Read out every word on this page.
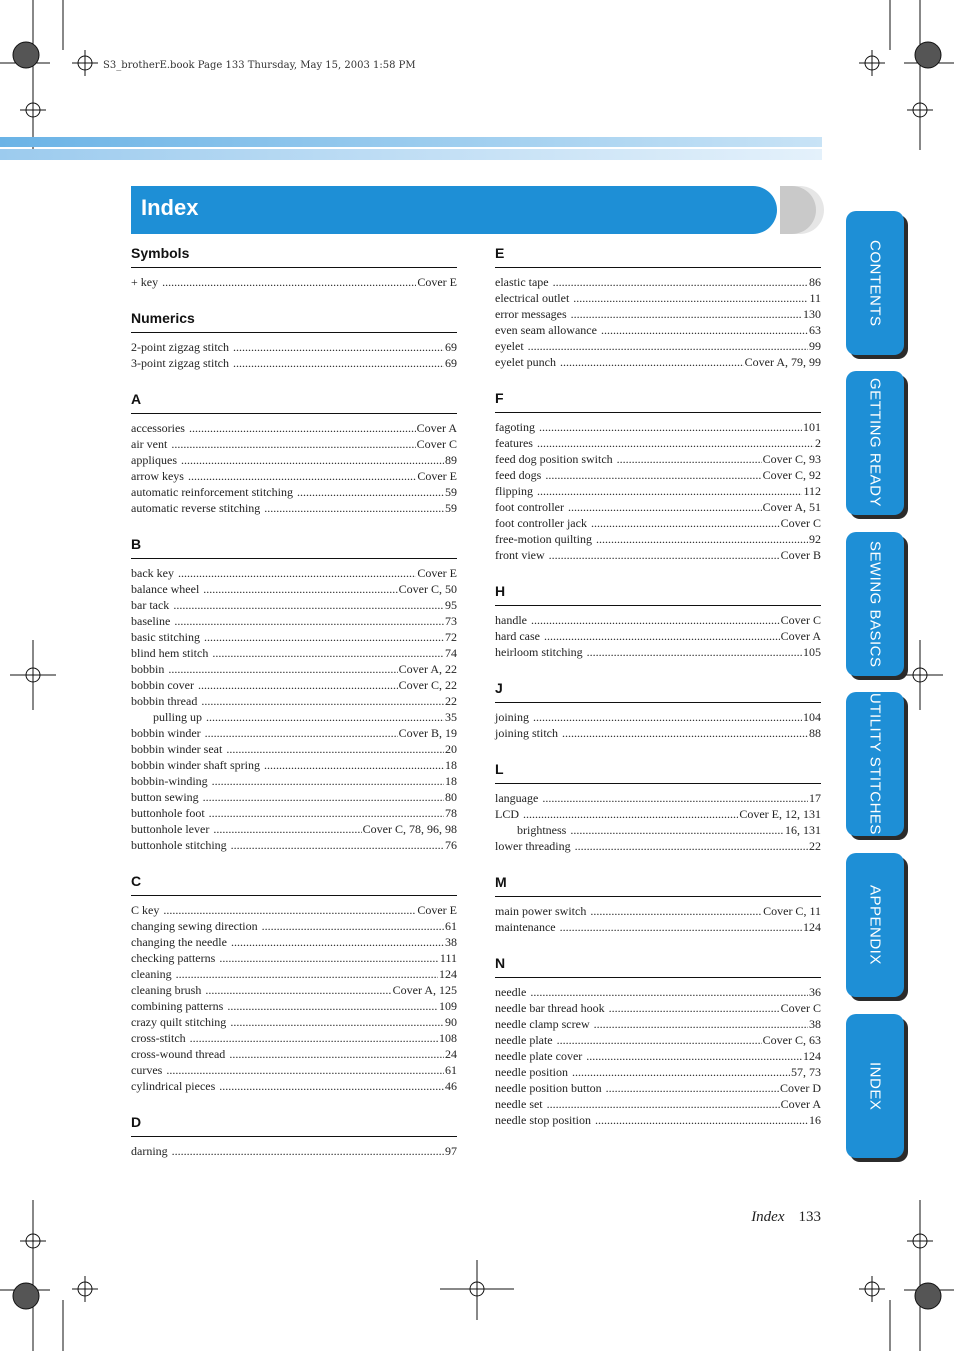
S3_brotherE.book Page 133 Thursday, May 15, 2003 1:58 PM
Index
CONTENTS
GETTING READY
SEWING BASICS
UTILITY STITCHES
APPENDIX
INDEX
Symbols
+ key .....	Cover E
Numerics
2-point zigzag stitch .....	69
3-point zigzag stitch .....	69
A
accessories .....	Cover A
air vent .....	Cover C
appliques .....	89
arrow keys .....	Cover E
automatic reinforcement stitching .....	59
automatic reverse stitching .....	59
B
back key .....	Cover E
balance wheel .....	Cover C, 50
bar tack .....	95
baseline .....	73
basic stitching .....	72
blind hem stitch .....	74
bobbin .....	Cover A, 22
bobbin cover .....	Cover C, 22
bobbin thread .....	22
pulling up .....	35
bobbin winder .....	Cover B, 19
bobbin winder seat .....	20
bobbin winder shaft spring .....	18
bobbin-winding .....	18
button sewing .....	80
buttonhole foot .....	78
buttonhole lever .....	Cover C, 78, 96, 98
buttonhole stitching .....	76
C
C key .....	Cover E
changing sewing direction .....	61
changing the needle .....	38
checking patterns .....	111
cleaning .....	124
cleaning brush .....	Cover A, 125
combining patterns .....	109
crazy quilt stitching .....	90
cross-stitch .....	108
cross-wound thread .....	24
curves .....	61
cylindrical pieces .....	46
D
darning .....	97
E
elastic tape .....	86
electrical outlet .....	11
error messages .....	130
even seam allowance .....	63
eyelet .....	99
eyelet punch .....	Cover A, 79, 99
F
fagoting .....	101
features .....	2
feed dog position switch .....	Cover C, 93
feed dogs .....	Cover C, 92
flipping .....	112
foot controller .....	Cover A, 51
foot controller jack .....	Cover C
free-motion quilting .....	92
front view .....	Cover B
H
handle .....	Cover C
hard case .....	Cover A
heirloom stitching .....	105
J
joining .....	104
joining stitch .....	88
L
language .....	17
LCD .....	Cover E, 12, 131
brightness .....	16, 131
lower threading .....	22
M
main power switch .....	Cover C, 11
maintenance .....	124
N
needle .....	36
needle bar thread hook .....	Cover C
needle clamp screw .....	38
needle plate .....	Cover C, 63
needle plate cover .....	124
needle position .....	57, 73
needle position button .....	Cover D
needle set .....	Cover A
needle stop position .....	16
Index 133
